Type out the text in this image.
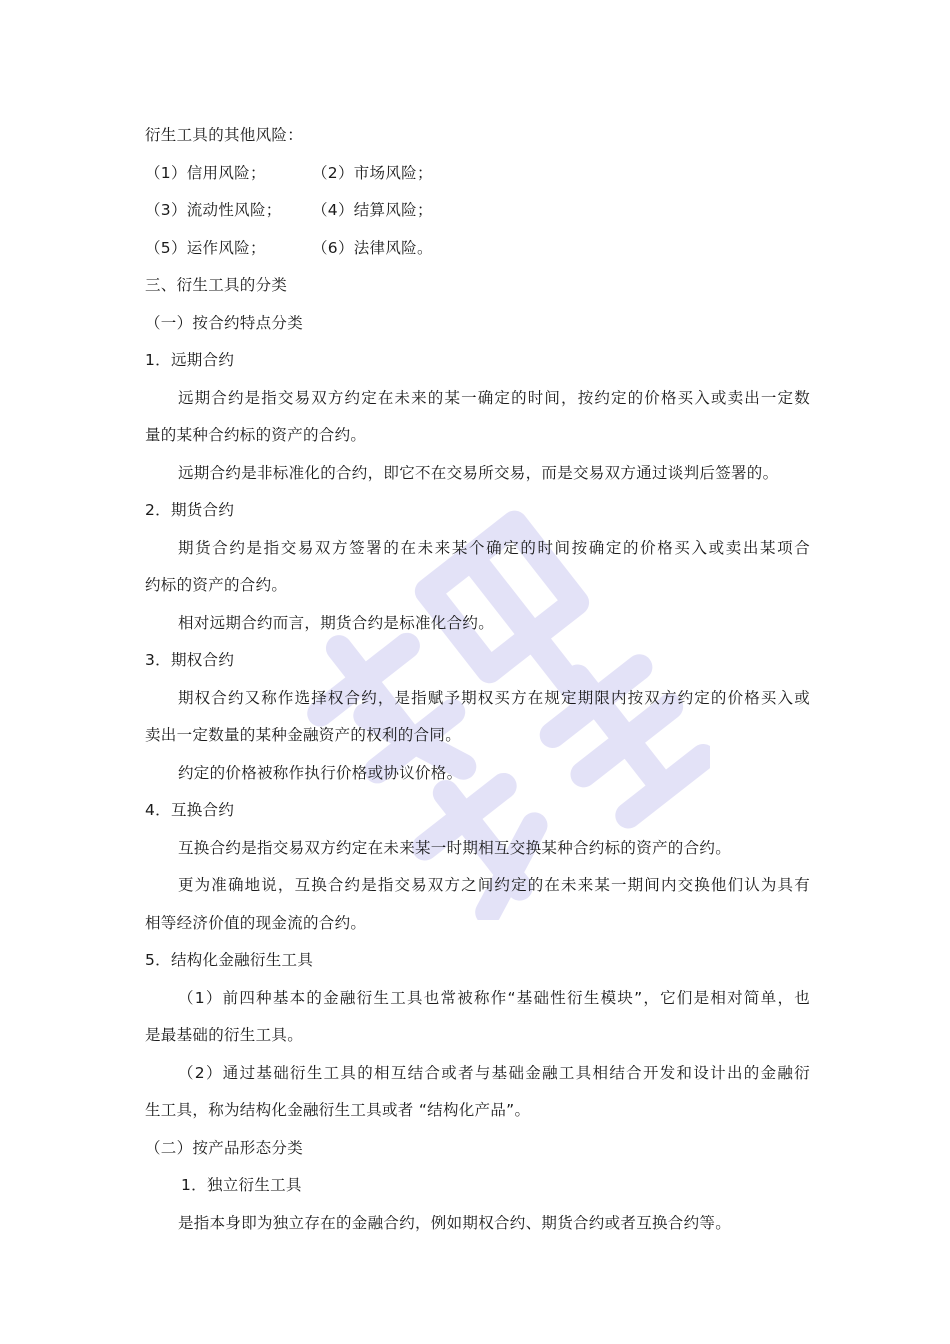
衍生工具的其他风险：
（1）信用风险；	（2）市场风险；
（3）流动性风险；	（4）结算风险；
（5）运作风险；	（6）法律风险。
三、衍生工具的分类
（一）按合约特点分类
1．远期合约
远期合约是指交易双方约定在未来的某一确定的时间，按约定的价格买入或卖出一定数
量的某种合约标的资产的合约。
远期合约是非标准化的合约，即它不在交易所交易，而是交易双方通过谈判后签署的。
2．期货合约
期货合约是指交易双方签署的在未来某个确定的时间按确定的价格买入或卖出某项合
约标的资产的合约。
相对远期合约而言，期货合约是标准化合约。
3．期权合约
期权合约又称作选择权合约，是指赋予期权买方在规定期限内按双方约定的价格买入或
卖出一定数量的某种金融资产的权利的合同。
约定的价格被称作执行价格或协议价格。
4．互换合约
互换合约是指交易双方约定在未来某一时期相互交换某种合约标的资产的合约。
更为准确地说，互换合约是指交易双方之间约定的在未来某一期间内交换他们认为具有
相等经济价值的现金流的合约。
5．结构化金融衍生工具
（1）前四种基本的金融衍生工具也常被称作“基础性衍生模块”，它们是相对简单，也
是最基础的衍生工具。
（2）通过基础衍生工具的相互结合或者与基础金融工具相结合开发和设计出的金融衍
生工具，称为结构化金融衍生工具或者 “结构化产品”。
（二）按产品形态分类
1．独立衍生工具
是指本身即为独立存在的金融合约，例如期权合约、期货合约或者互换合约等。
